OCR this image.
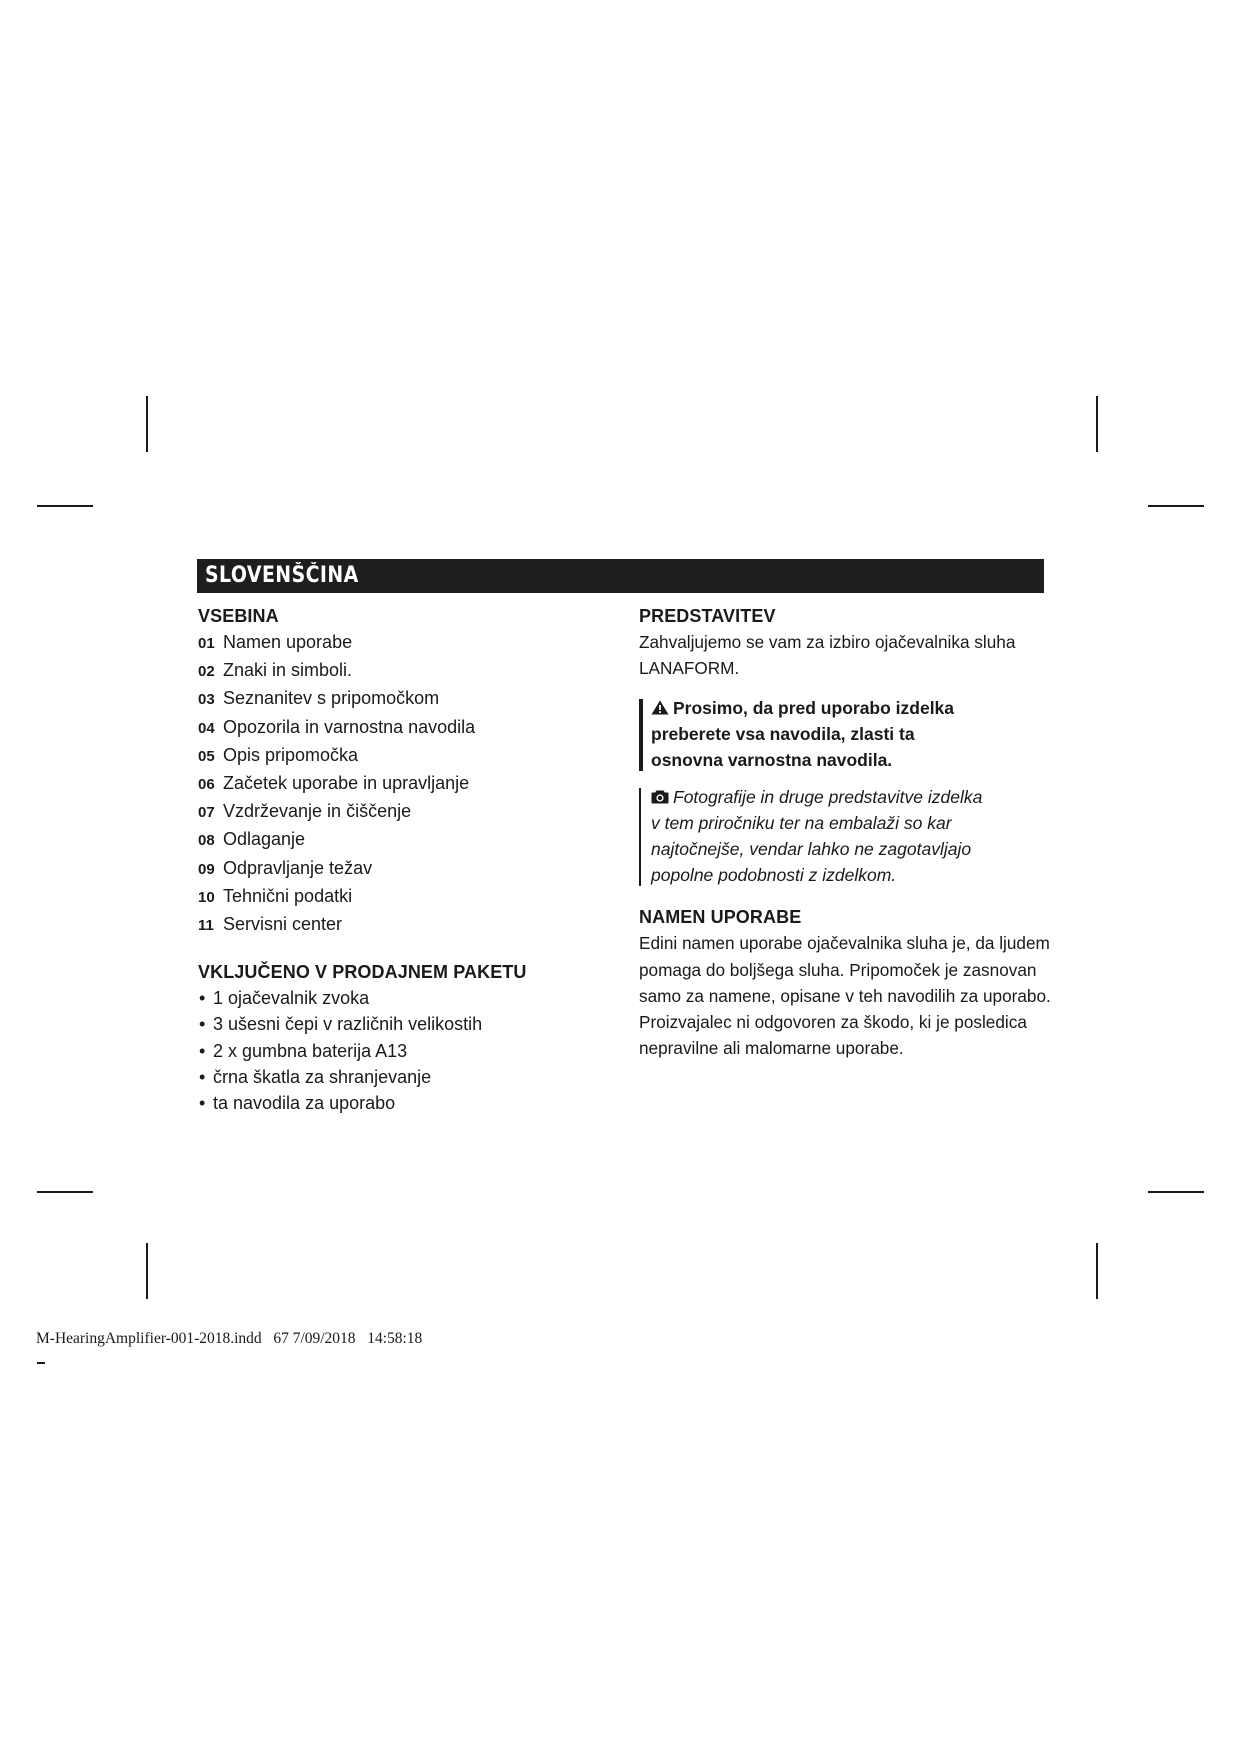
SLOVENŠČINA
VSEBINA
01 Namen uporabe
02 Znaki in simboli.
03 Seznanitev s pripomočkom
04 Opozorila in varnostna navodila
05 Opis pripomočka
06 Začetek uporabe in upravljanje
07 Vzdrževanje in čiščenje
08 Odlaganje
09 Odpravljanje težav
10 Tehnični podatki
11 Servisni center
VKLJUČENO V PRODAJNEM PAKETU
• 1 ojačevalnik zvoka
• 3 ušesni čepi v različnih velikostih
• 2 x gumbna baterija A13
• črna škatla za shranjevanje
• ta navodila za uporabo
PREDSTAVITEV

Zahvaljujemo se vam za izbiro ojačevalnika sluha
LANAFORM.

Prosimo, da pred uporabo izdelka
preberete vsa navodila, zlasti ta
osnovna varnostna navodila.
Fotografije in druge predstavitve izdelka
v tem priročniku ter na embalaži so kar
najtočnejše, vendar lahko ne zagotavljajo
popolne podobnosti z izdelkom.
NAMEN UPORABE

Edini namen uporabe ojačevalnika sluha je, da ljudem
pomaga do boljšega sluha. Pripomoček je zasnovan
samo za namene, opisane v teh navodilih za uporabo.
Proizvajalec ni odgovoren za škodo, ki je posledica
nepravilne ali malomarne uporabe.

M-HearingAmplifier-001-2018.indd 67 7/09/2018 14:58:18
